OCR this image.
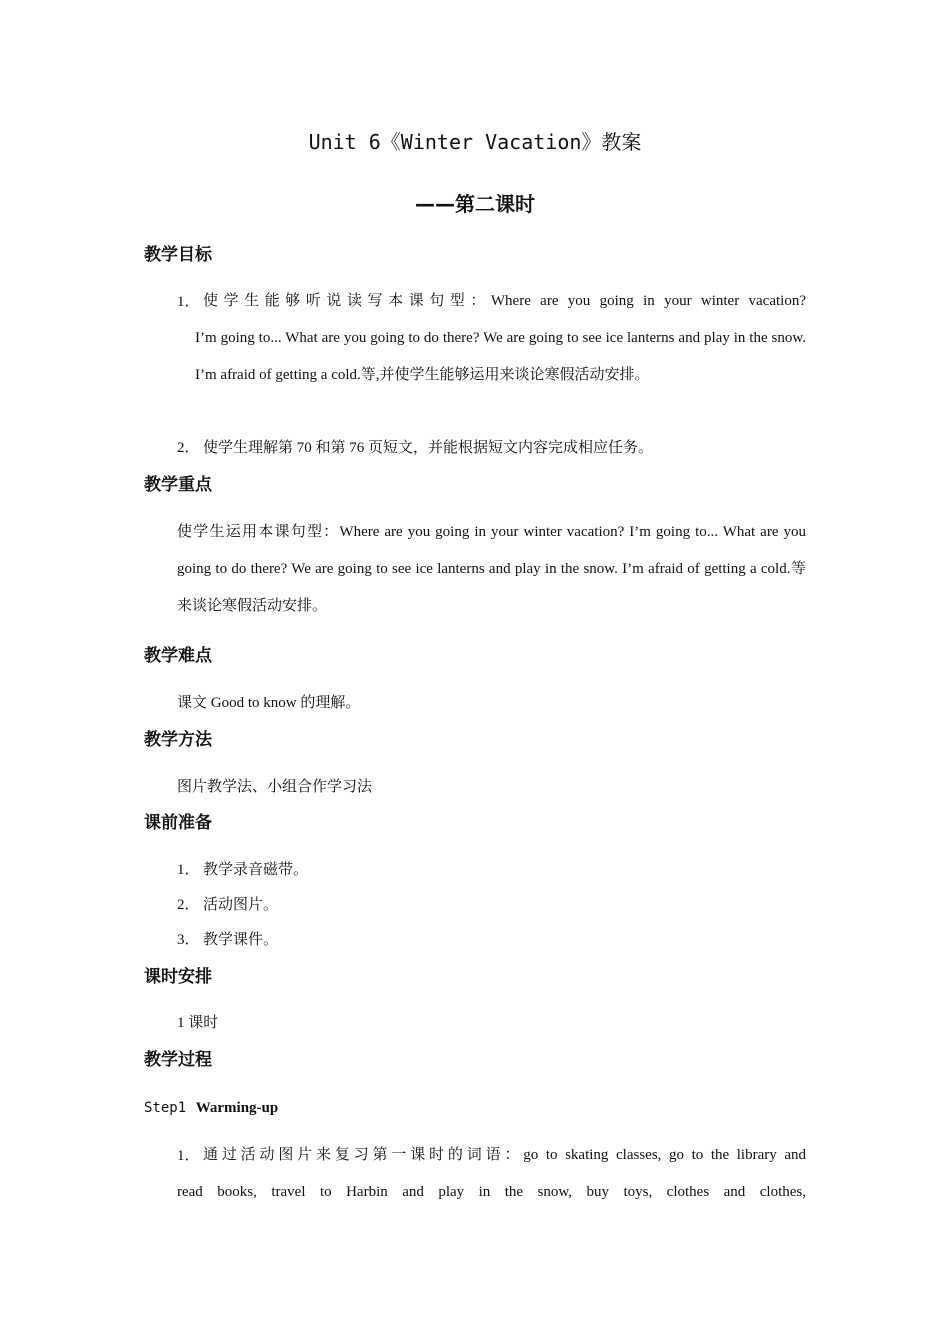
Unit 6《Winter Vacation》教案
——第二课时
教学目标
1． 使学生能够听说读写本课句型：Where are you going in your winter vacation?
I’m going to... What are you going to do there? We are going to see ice lanterns and play in the snow. I’m afraid of getting a cold.等,并使学生能够运用来谈论寒假活动安排。
2． 使学生理解第 70 和第 76 页短文，并能根据短文内容完成相应任务。
教学重点
使学生运用本课句型：Where are you going in your winter vacation? I’m going to... What are you going to do there? We are going to see ice lanterns and play in the snow. I’m afraid of getting a cold.等来谈论寒假活动安排。
教学难点
课文 Good to know 的理解。
教学方法
图片教学法、小组合作学习法
课前准备
1． 教学录音磁带。
2． 活动图片。
3． 教学课件。
课时安排
1 课时
教学过程
Step1 Warming-up
1． 通过活动图片来复习第一课时的词语：go to skating classes, go to the library and
read books, travel to Harbin and play in the snow, buy toys, clothes and clothes,
